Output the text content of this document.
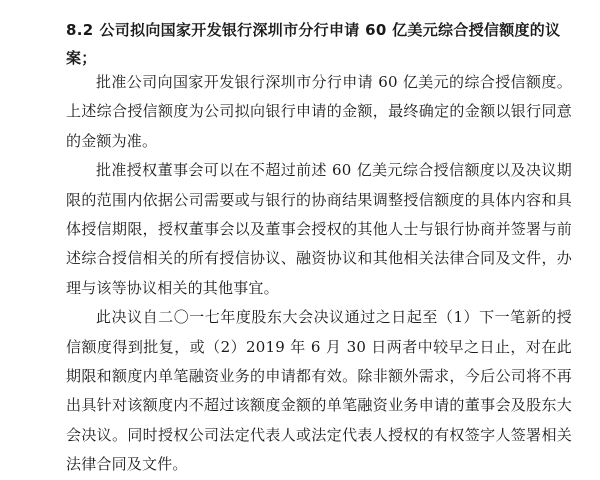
8.2 公司拟向国家开发银行深圳市分行申请 60 亿美元综合授信额度的议案；

批准公司向国家开发银行深圳市分行申请 60 亿美元的综合授信额度。上述综合授信额度为公司拟向银行申请的金额，最终确定的金额以银行同意的金额为准。

批准授权董事会可以在不超过前述 60 亿美元综合授信额度以及决议期限的范围内依据公司需要或与银行的协商结果调整授信额度的具体内容和具体授信期限，授权董事会以及董事会授权的其他人士与银行协商并签署与前述综合授信相关的所有授信协议、融资协议和其他相关法律合同及文件，办理与该等协议相关的其他事宜。

此决议自二〇一七年度股东大会决议通过之日起至（1）下一笔新的授信额度得到批复，或（2）2019 年 6 月 30 日两者中较早之日止，对在此期限和额度内单笔融资业务的申请都有效。除非额外需求，今后公司将不再出具针对该额度内不超过该额度金额的单笔融资业务申请的董事会及股东大会决议。同时授权公司法定代表人或法定代表人授权的有权签字人签署相关法律合同及文件。
